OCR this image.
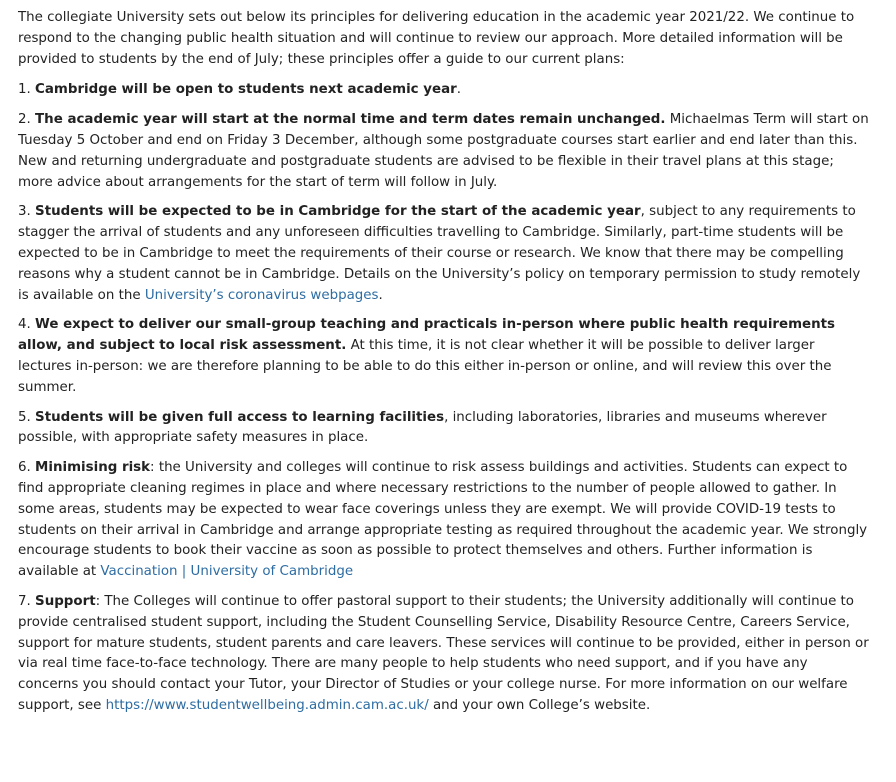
The collegiate University sets out below its principles for delivering education in the academic year 2021/22. We continue to respond to the changing public health situation and will continue to review our approach. More detailed information will be provided to students by the end of July; these principles offer a guide to our current plans:

1. Cambridge will be open to students next academic year.

2. The academic year will start at the normal time and term dates remain unchanged. Michaelmas Term will start on Tuesday 5 October and end on Friday 3 December, although some postgraduate courses start earlier and end later than this. New and returning undergraduate and postgraduate students are advised to be flexible in their travel plans at this stage; more advice about arrangements for the start of term will follow in July.

3. Students will be expected to be in Cambridge for the start of the academic year, subject to any requirements to stagger the arrival of students and any unforeseen difficulties travelling to Cambridge. Similarly, part-time students will be expected to be in Cambridge to meet the requirements of their course or research. We know that there may be compelling reasons why a student cannot be in Cambridge. Details on the University’s policy on temporary permission to study remotely is available on the University’s coronavirus webpages.

4. We expect to deliver our small-group teaching and practicals in-person where public health requirements allow, and subject to local risk assessment. At this time, it is not clear whether it will be possible to deliver larger lectures in-person: we are therefore planning to be able to do this either in-person or online, and will review this over the summer.

5. Students will be given full access to learning facilities, including laboratories, libraries and museums wherever possible, with appropriate safety measures in place.

6. Minimising risk: the University and colleges will continue to risk assess buildings and activities. Students can expect to find appropriate cleaning regimes in place and where necessary restrictions to the number of people allowed to gather. In some areas, students may be expected to wear face coverings unless they are exempt. We will provide COVID-19 tests to students on their arrival in Cambridge and arrange appropriate testing as required throughout the academic year. We strongly encourage students to book their vaccine as soon as possible to protect themselves and others. Further information is available at Vaccination | University of Cambridge

7. Support: The Colleges will continue to offer pastoral support to their students; the University additionally will continue to provide centralised student support, including the Student Counselling Service, Disability Resource Centre, Careers Service, support for mature students, student parents and care leavers. These services will continue to be provided, either in person or via real time face-to-face technology. There are many people to help students who need support, and if you have any concerns you should contact your Tutor, your Director of Studies or your college nurse. For more information on our welfare support, see https://www.studentwellbeing.admin.cam.ac.uk/ and your own College’s website.
